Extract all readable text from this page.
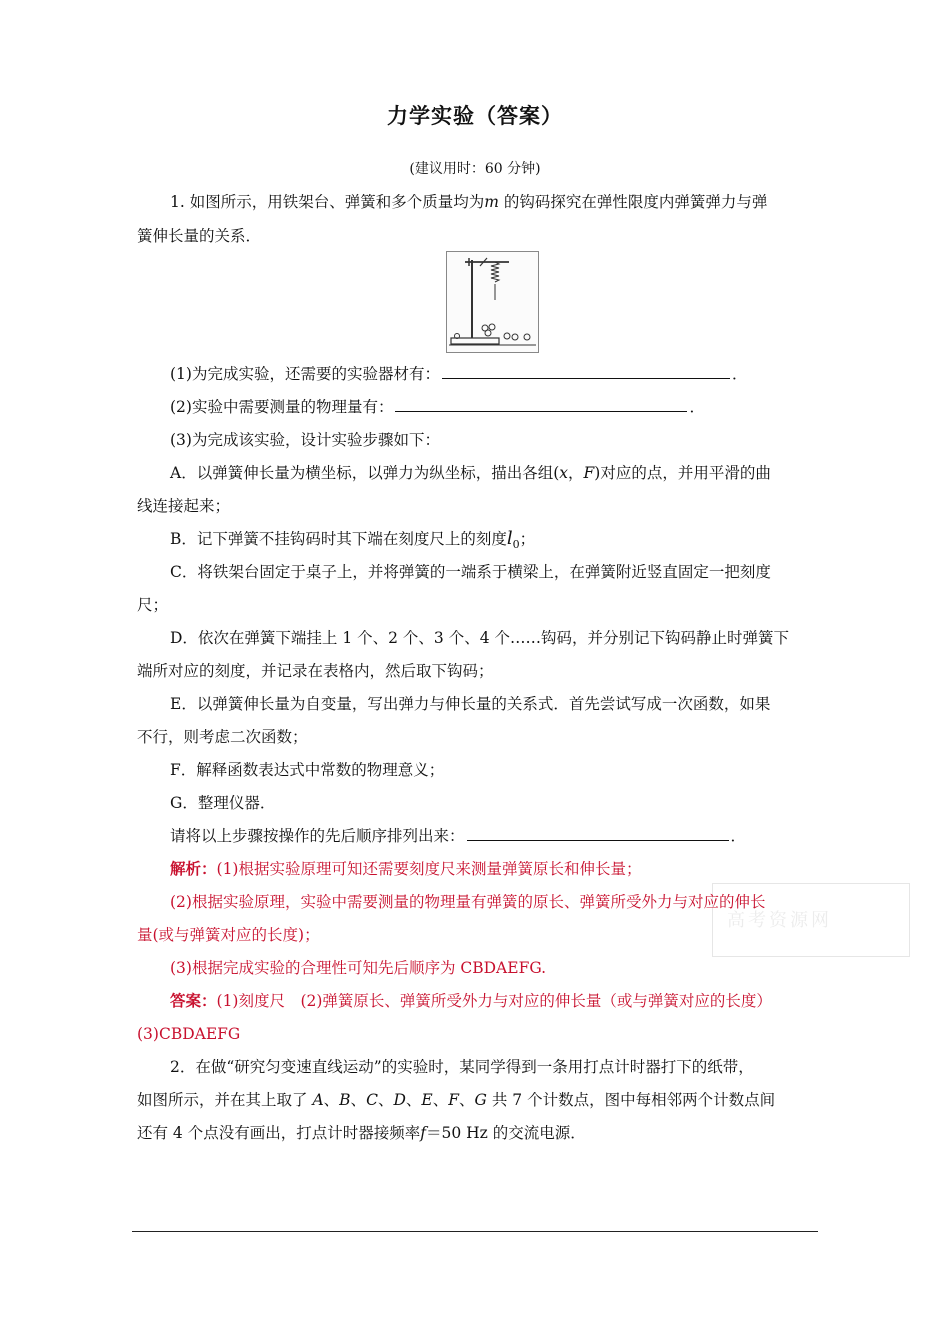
力学实验（答案）
(建议用时：60 分钟)
1. 如图所示，用铁架台、弹簧和多个质量均为m 的钩码探究在弹性限度内弹簧弹力与弹
簧伸长量的关系．
(1)为完成实验，还需要的实验器材有：	．
(2)实验中需要测量的物理量有：	．
(3)为完成该实验，设计实验步骤如下：
A．以弹簧伸长量为横坐标，以弹力为纵坐标，描出各组(x，F)对应的点，并用平滑的曲
线连接起来；
B．记下弹簧不挂钩码时其下端在刻度尺上的刻度$l_0$；
C．将铁架台固定于桌子上，并将弹簧的一端系于横梁上，在弹簧附近竖直固定一把刻度
尺；
D．依次在弹簧下端挂上 1 个、2 个、3 个、4 个……钩码，并分别记下钩码静止时弹簧下
端所对应的刻度，并记录在表格内，然后取下钩码；
E．以弹簧伸长量为自变量，写出弹力与伸长量的关系式．首先尝试写成一次函数，如果
不行，则考虑二次函数；
F．解释函数表达式中常数的物理意义；
G．整理仪器．
请将以上步骤按操作的先后顺序排列出来：	．
高考资源网
解析：(1)根据实验原理可知还需要刻度尺来测量弹簧原长和伸长量；
(2)根据实验原理，实验中需要测量的物理量有弹簧的原长、弹簧所受外力与对应的伸长
量(或与弹簧对应的长度)；
(3)根据完成实验的合理性可知先后顺序为 CBDAEFG.
答案：(1)刻度尺　(2)弹簧原长、弹簧所受外力与对应的伸长量（或与弹簧对应的长度）
(3)CBDAEFG
2．在做“研究匀变速直线运动”的实验时，某同学得到一条用打点计时器打下的纸带，
如图所示，并在其上取了 A、B、C、D、E、F、G 共 7 个计数点，图中每相邻两个计数点间
还有 4 个点没有画出，打点计时器接频率f＝50 Hz 的交流电源．
